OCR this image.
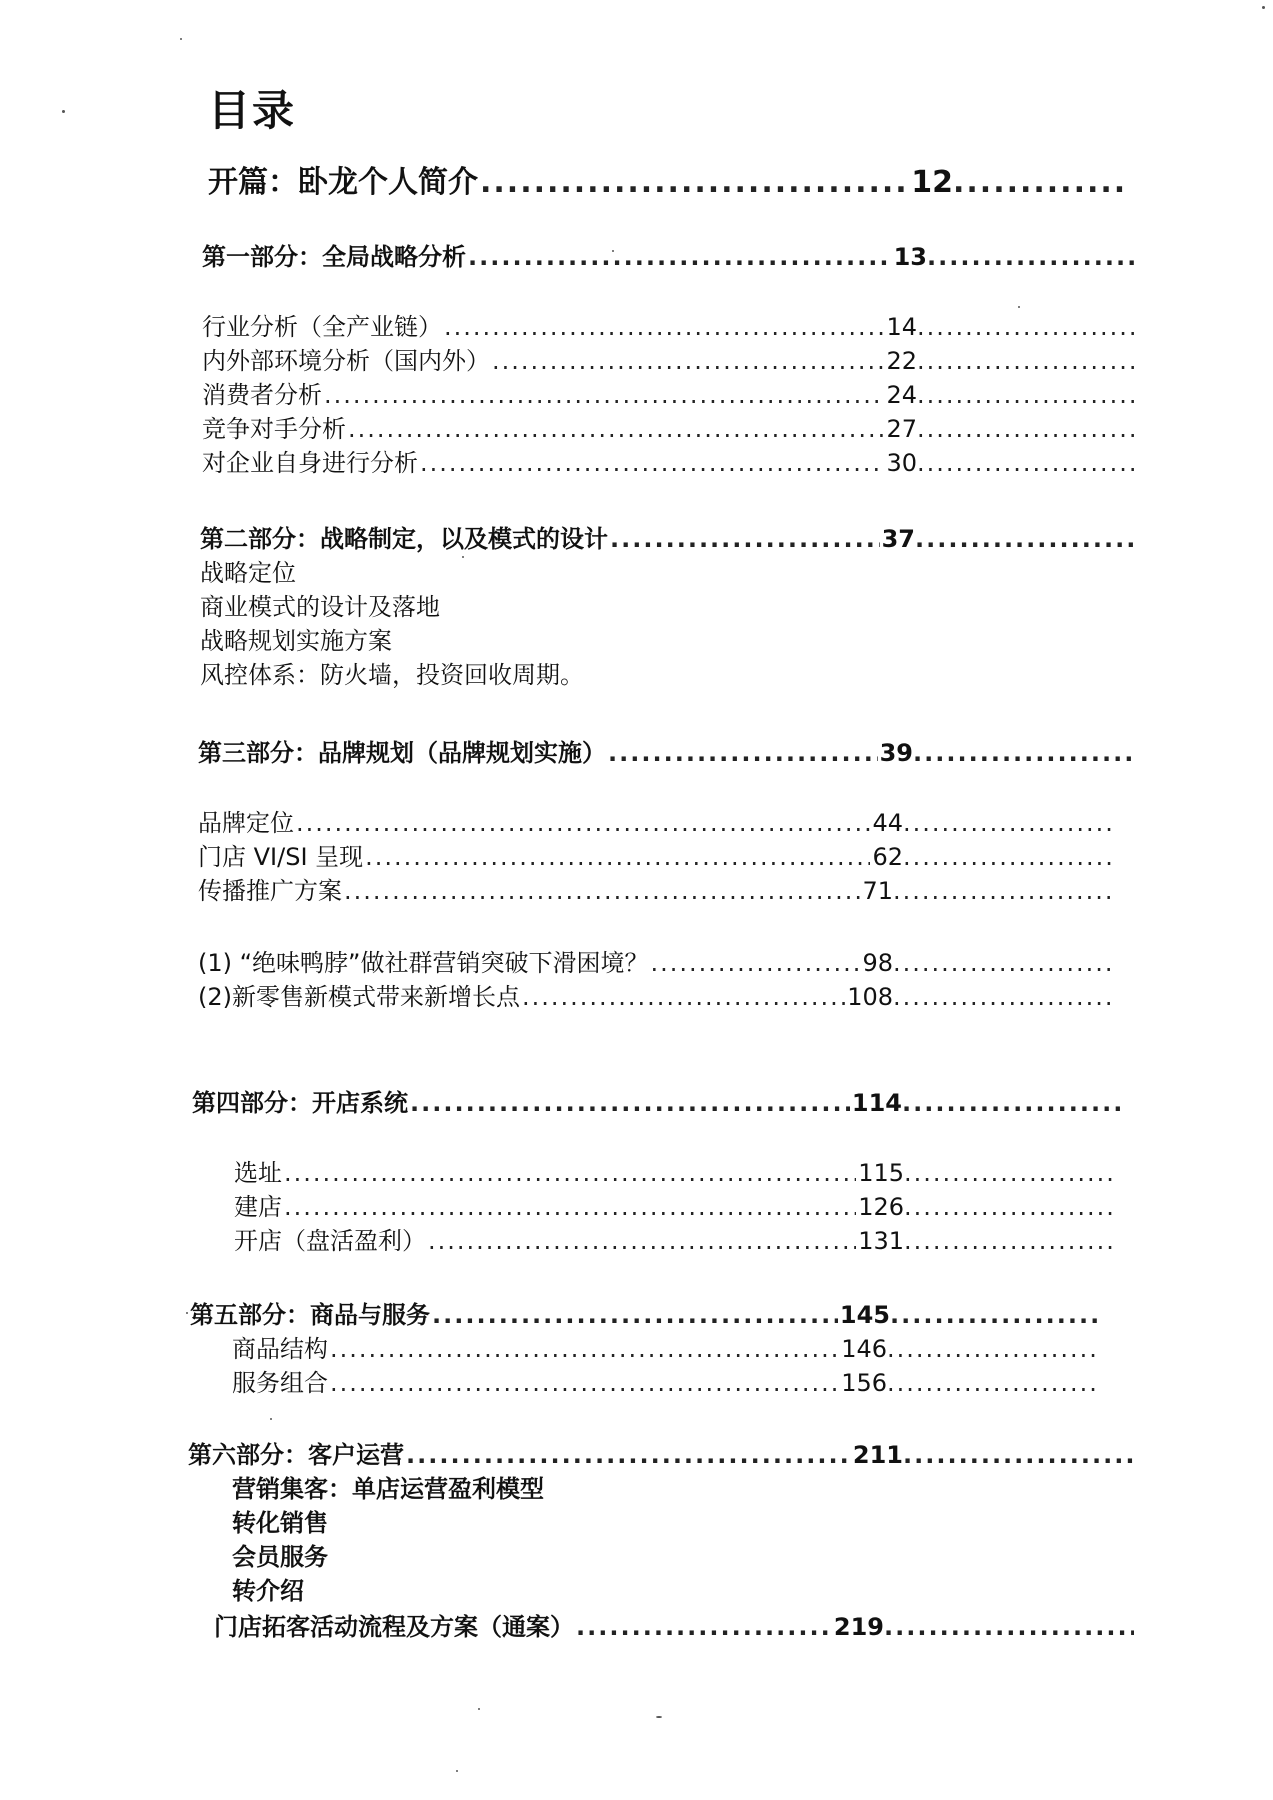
目录
开篇：卧龙个人简介 .....	12
.....
第一部分：全局战略分析 .....	13
.....
行业分析（全产业链） .....	14
.....
内外部环境分析（国内外） .....	22
.....
消费者分析 .....	24
.....
竞争对手分析 .....	27
.....
对企业自身进行分析 .....	30
.....
第二部分：战略制定，以及模式的设计 .....	37
.....
战略定位
商业模式的设计及落地
战略规划实施方案
风控体系：防火墙，投资回收周期。
第三部分：品牌规划（品牌规划实施） .....	39
.....
品牌定位 .....	44
.....
门店 VI/SI 呈现 .....	62
.....
传播推广方案 .....	71
.....
(1) “绝味鸭脖”做社群营销突破下滑困境？ .....	98
.....
(2)新零售新模式带来新增长点 .....	108
.....
第四部分：开店系统 .....	114
.....
选址 .....	115
.....
建店 .....	126
.....
开店（盘活盈利） .....	131
.....
第五部分：商品与服务 .....	145
.....
商品结构 .....	146
.....
服务组合 .....	156
.....
第六部分：客户运营 .....	211
.....
营销集客：单店运营盈利模型
转化销售
会员服务
转介绍
门店拓客活动流程及方案（通案） .....	219
.....
